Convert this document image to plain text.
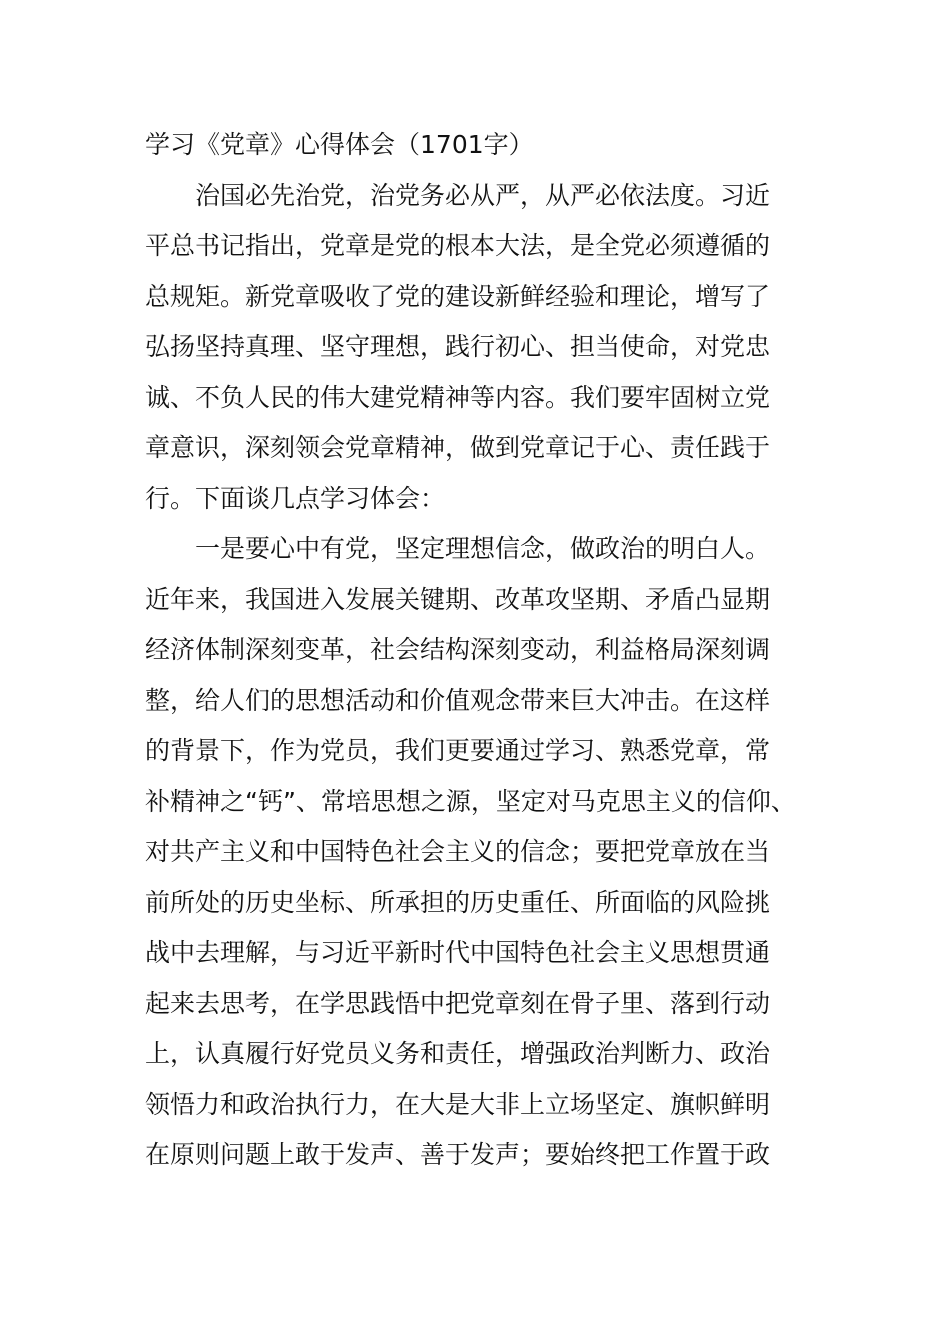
学习《党章》心得体会（1701字）
治国必先治党，治党务必从严，从严必依法度。习近
平总书记指出，党章是党的根本大法，是全党必须遵循的
总规矩。新党章吸收了党的建设新鲜经验和理论，增写了
弘扬坚持真理、坚守理想，践行初心、担当使命，对党忠
诚、不负人民的伟大建党精神等内容。我们要牢固树立党
章意识，深刻领会党章精神，做到党章记于心、责任践于
行。下面谈几点学习体会：
一是要心中有党，坚定理想信念，做政治的明白人。
近年来，我国进入发展关键期、改革攻坚期、矛盾凸显期
经济体制深刻变革，社会结构深刻变动，利益格局深刻调
整，给人们的思想活动和价值观念带来巨大冲击。在这样
的背景下，作为党员，我们更要通过学习、熟悉党章，常
补精神之“钙”、常培思想之源，坚定对马克思主义的信仰、
对共产主义和中国特色社会主义的信念；要把党章放在当
前所处的历史坐标、所承担的历史重任、所面临的风险挑
战中去理解，与习近平新时代中国特色社会主义思想贯通
起来去思考，在学思践悟中把党章刻在骨子里、落到行动
上，认真履行好党员义务和责任，增强政治判断力、政治
领悟力和政治执行力，在大是大非上立场坚定、旗帜鲜明
在原则问题上敢于发声、善于发声；要始终把工作置于政
